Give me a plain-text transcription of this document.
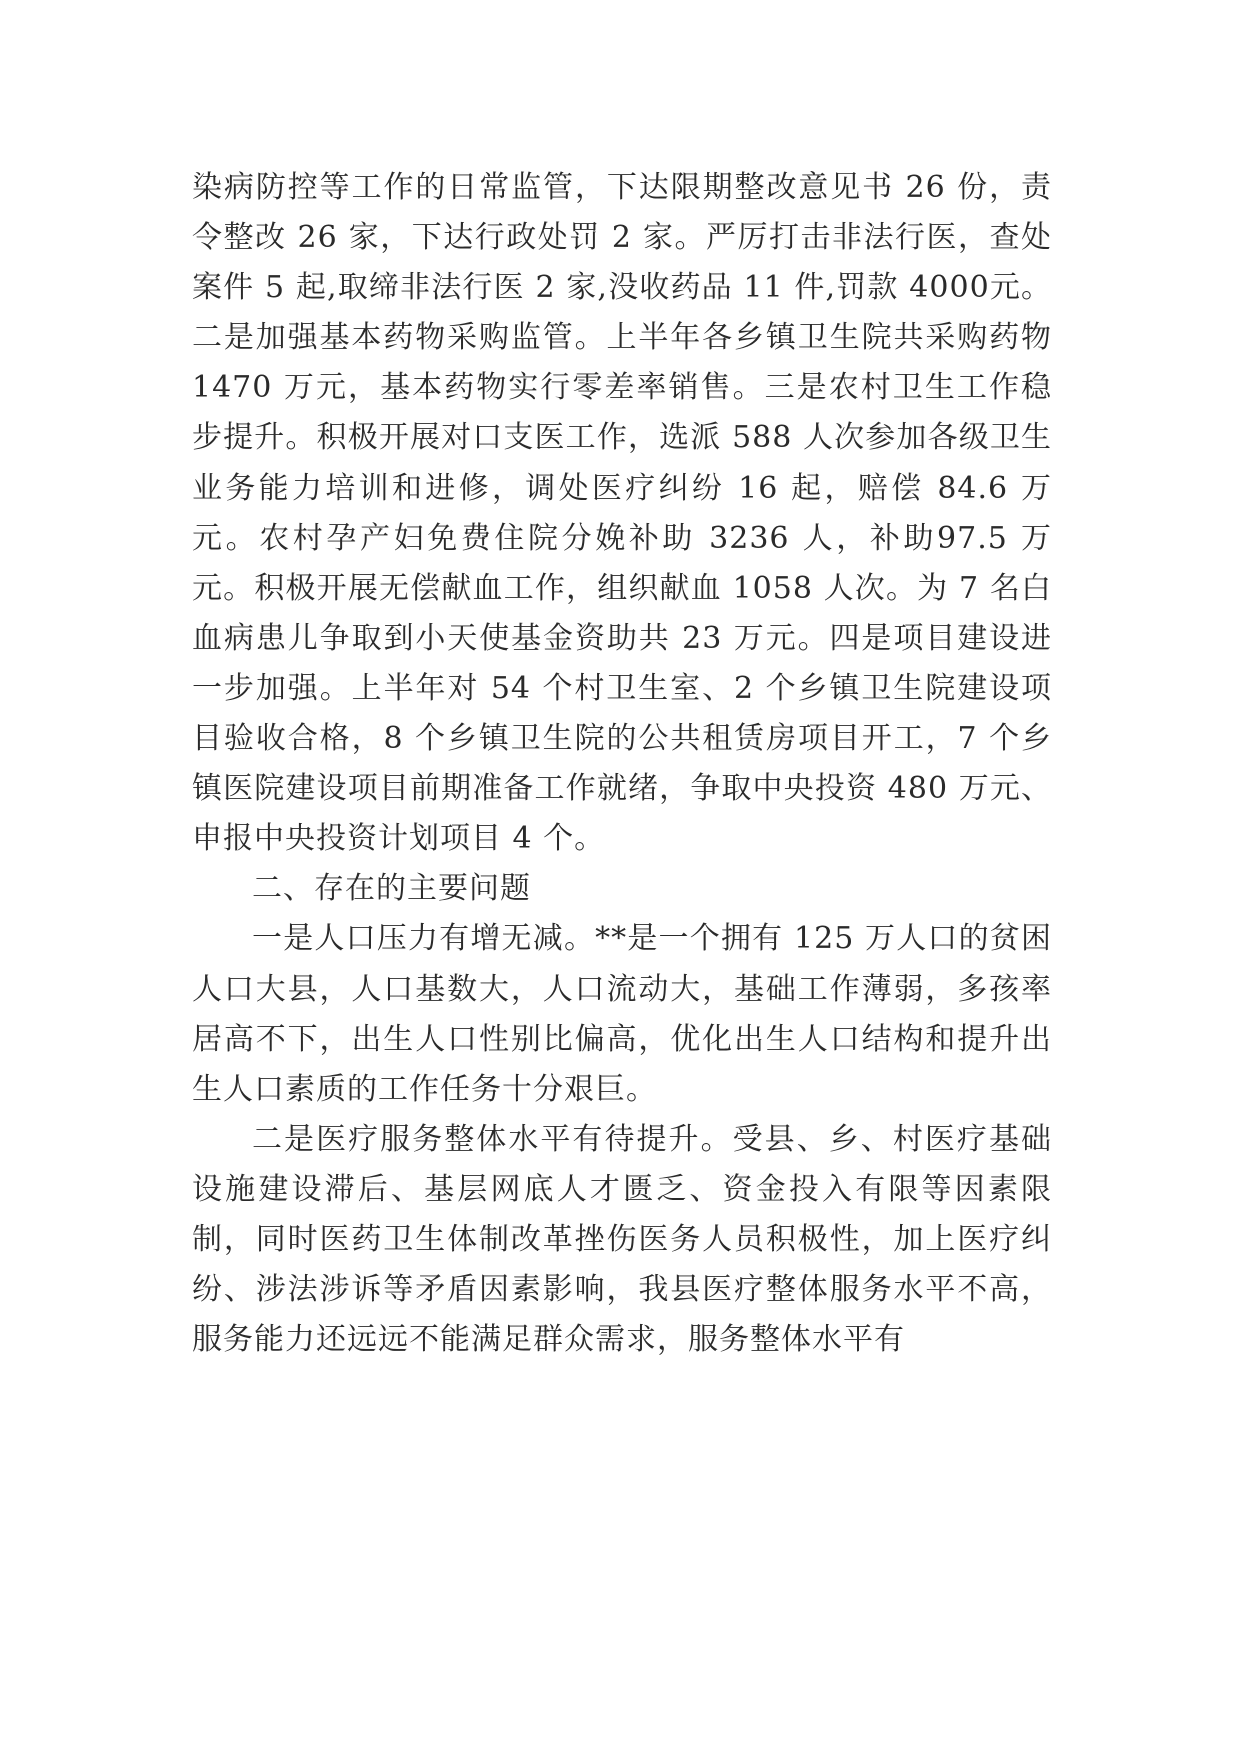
染病防控等工作的日常监管，下达限期整改意见书 26 份，责令整改 26 家，下达行政处罚 2 家。严厉打击非法行医，查处案件 5 起,取缔非法行医 2 家,没收药品 11 件,罚款 4000元。二是加强基本药物采购监管。上半年各乡镇卫生院共采购药物 1470 万元，基本药物实行零差率销售。三是农村卫生工作稳步提升。积极开展对口支医工作，选派 588 人次参加各级卫生业务能力培训和进修，调处医疗纠纷 16 起，赔偿 84.6 万元。农村孕产妇免费住院分娩补助 3236 人，补助97.5 万元。积极开展无偿献血工作，组织献血 1058 人次。为 7 名白血病患儿争取到小天使基金资助共 23 万元。四是项目建设进一步加强。上半年对 54 个村卫生室、2 个乡镇卫生院建设项目验收合格，8 个乡镇卫生院的公共租赁房项目开工，7 个乡镇医院建设项目前期准备工作就绪，争取中央投资 480 万元、申报中央投资计划项目 4 个。

二、存在的主要问题

一是人口压力有增无减。**是一个拥有 125 万人口的贫困人口大县，人口基数大，人口流动大，基础工作薄弱，多孩率居高不下，出生人口性别比偏高，优化出生人口结构和提升出生人口素质的工作任务十分艰巨。

二是医疗服务整体水平有待提升。受县、乡、村医疗基础设施建设滞后、基层网底人才匮乏、资金投入有限等因素限制，同时医药卫生体制改革挫伤医务人员积极性，加上医疗纠纷、涉法涉诉等矛盾因素影响，我县医疗整体服务水平不高，服务能力还远远不能满足群众需求，服务整体水平有
